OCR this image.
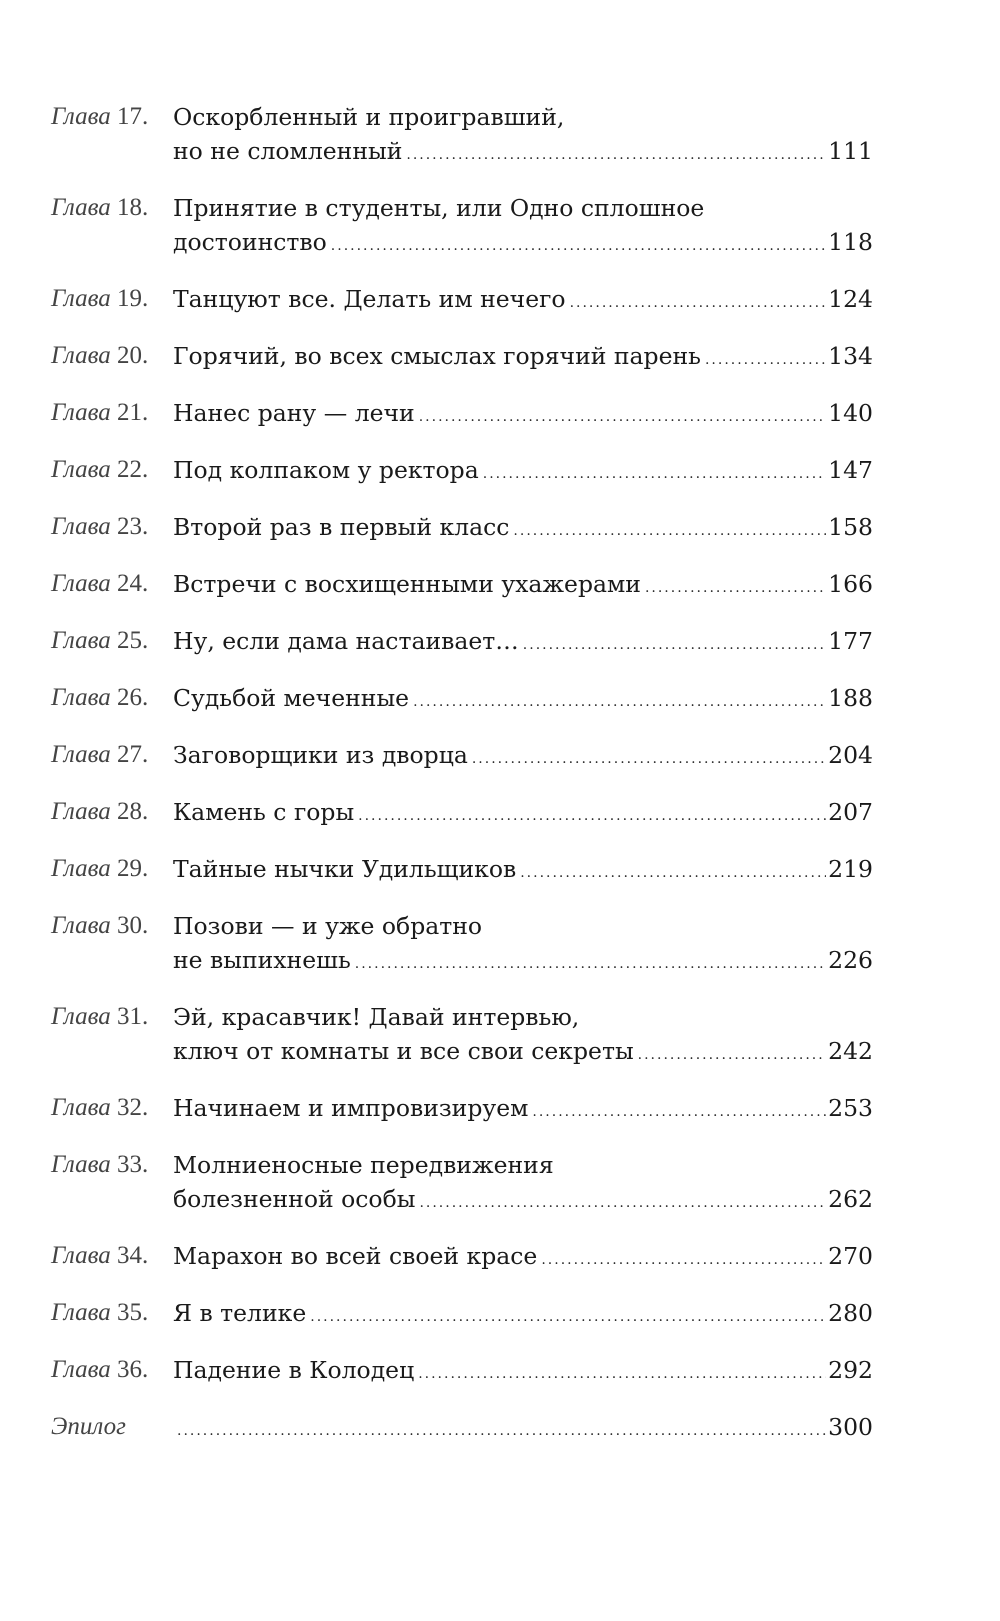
Глава 17.	Оскорбленный и проигравший,
но не сломленный .....	111
Глава 18.	Принятие в студенты, или Одно сплошное
достоинство .....	118
Глава 19.	Танцуют все. Делать им нечего .....	124
Глава 20.	Горячий, во всех смыслах горячий парень .....	134
Глава 21.	Нанес рану — лечи .....	140
Глава 22.	Под колпаком у ректора .....	147
Глава 23.	Второй раз в первый класс .....	158
Глава 24.	Встречи с восхищенными ухажерами .....	166
Глава 25.	Ну, если дама настаивает… .....	177
Глава 26.	Судьбой меченные .....	188
Глава 27.	Заговорщики из дворца .....	204
Глава 28.	Камень с горы .....	207
Глава 29.	Тайные нычки Удильщиков .....	219
Глава 30.	Позови — и уже обратно
не выпихнешь .....	226
Глава 31.	Эй, красавчик! Давай интервью,
ключ от комнаты и все свои секреты .....	242
Глава 32.	Начинаем и импровизируем .....	253
Глава 33.	Молниеносные передвижения
болезненной особы .....	262
Глава 34.	Марахон во всей своей красе .....	270
Глава 35.	Я в телике .....	280
Глава 36.	Падение в Колодец .....	292
Эпилог .....	300
